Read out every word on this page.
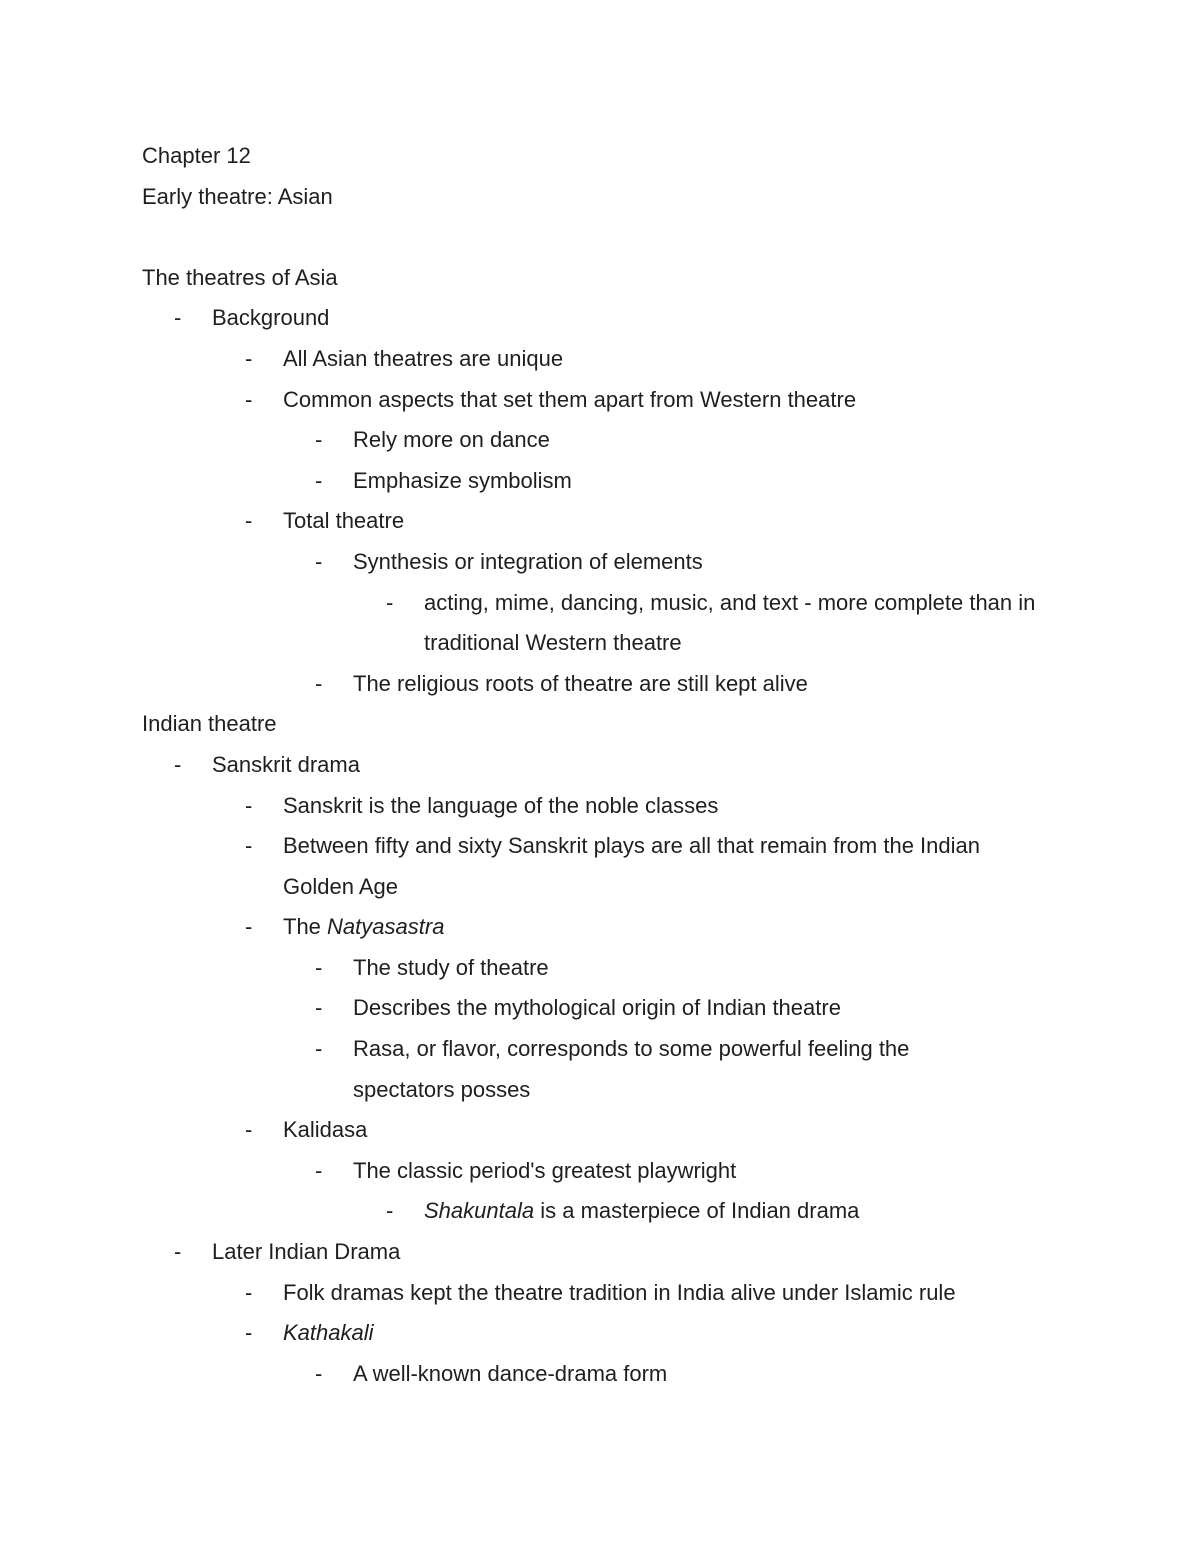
Chapter 12
Early theatre: Asian
The theatres of Asia
- Background
- All Asian theatres are unique
- Common aspects that set them apart from Western theatre
- Rely more on dance
- Emphasize symbolism
- Total theatre
- Synthesis or integration of elements
- acting, mime, dancing, music, and text - more complete than in traditional Western theatre
- The religious roots of theatre are still kept alive
Indian theatre
- Sanskrit drama
- Sanskrit is the language of the noble classes
- Between fifty and sixty Sanskrit plays are all that remain from the Indian Golden Age
- The Natyasastra
- The study of theatre
- Describes the mythological origin of Indian theatre
- Rasa, or flavor, corresponds to some powerful feeling the spectators posses
- Kalidasa
- The classic period's greatest playwright
- Shakuntala is a masterpiece of Indian drama
- Later Indian Drama
- Folk dramas kept the theatre tradition in India alive under Islamic rule
- Kathakali
- A well-known dance-drama form
